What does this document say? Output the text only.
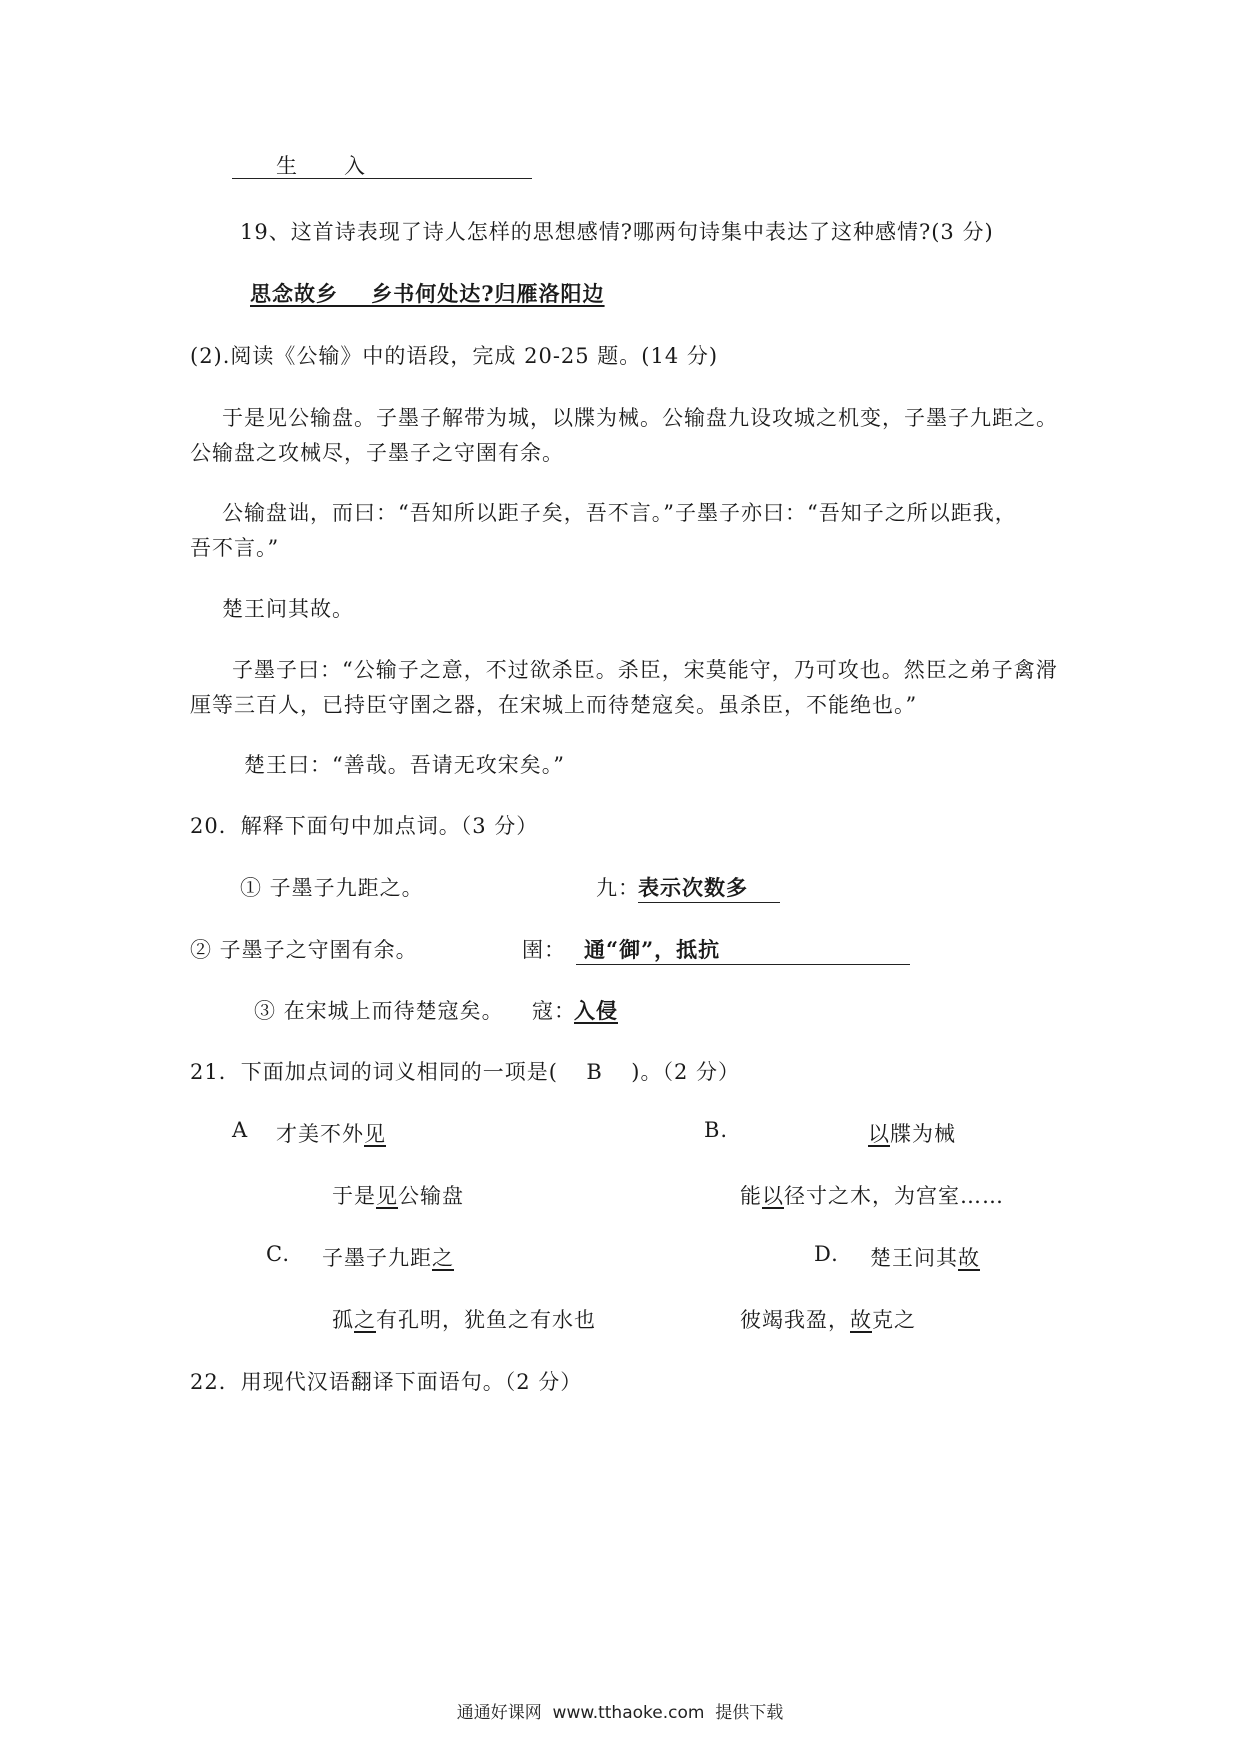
生 入
19、这首诗表现了诗人怎样的思想感情?哪两句诗集中表达了这种感情?(3 分)
思念故乡    乡书何处达?归雁洛阳边
(2).阅读《公输》中的语段，完成 20-25 题。(14 分)
于是见公输盘。子墨子解带为城，以牒为械。公输盘九设攻城之机变，子墨子九距之。
公输盘之攻械尽，子墨子之守圉有余。
公输盘诎，而曰：“吾知所以距子矣，吾不言。”子墨子亦曰：“吾知子之所以距我，
吾不言。”
楚王问其故。
子墨子曰：“公输子之意，不过欲杀臣。杀臣，宋莫能守，乃可攻也。然臣之弟子禽滑
厘等三百人，已持臣守圉之器，在宋城上而待楚寇矣。虽杀臣，不能绝也。”
楚王曰：“善哉。吾请无攻宋矣。”
20．解释下面句中加点词。（3 分）
① 子墨子九距之。	九：
表示次数多
② 子墨子之守圉有余。	圉： 通“御”，抵抗
③ 在宋城上而待楚寇矣。 寇：
入侵
21．下面加点词的词义相同的一项是( B )。（2 分）
A 才美不外见
于是见公输盘
B.	以牒为械
能以径寸之木，为宫室……
C. 子墨子九距之
孤之有孔明，犹鱼之有水也
D. 楚王问其故
彼竭我盈，故克之
22．用现代汉语翻译下面语句。（2 分）
通通好课网  www.tthaoke.com  提供下载
